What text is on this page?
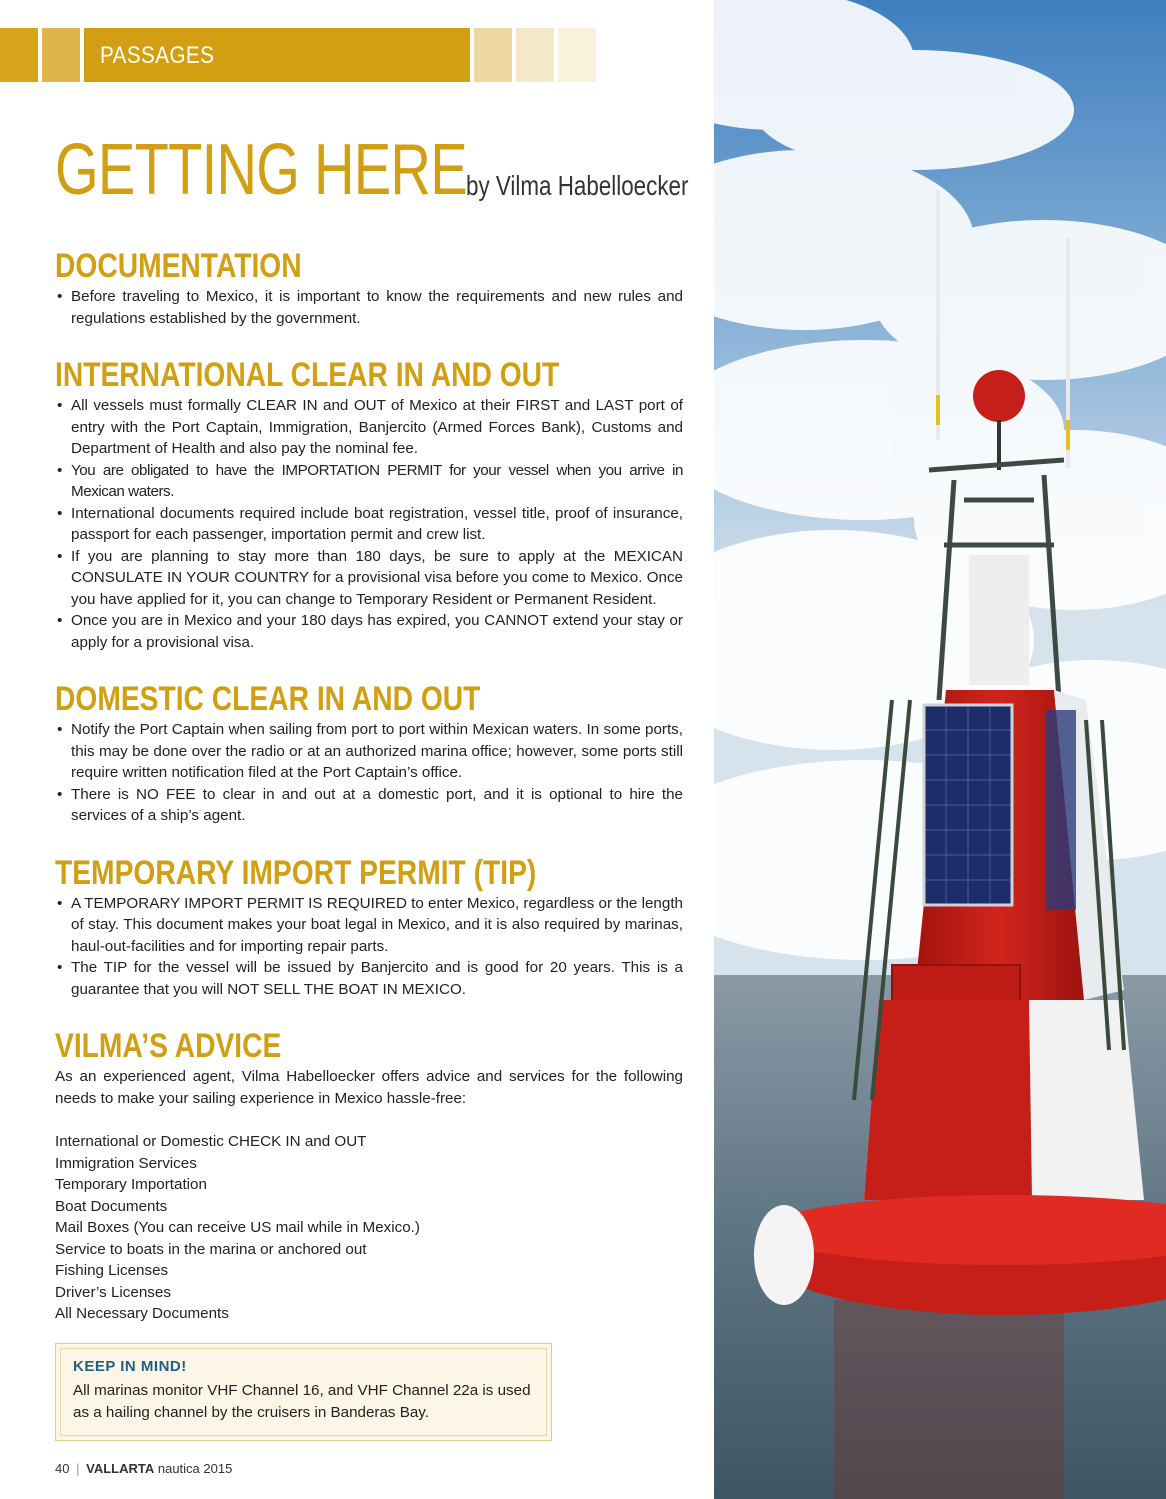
PASSAGES
GETTING HERE by Vilma Habelloecker
DOCUMENTATION
• Before traveling to Mexico, it is important to know the requirements and new rules and regulations established by the government.
INTERNATIONAL CLEAR IN AND OUT
• All vessels must formally CLEAR IN and OUT of Mexico at their FIRST and LAST port of entry with the Port Captain, Immigration, Banjercito (Armed Forces Bank), Customs and Department of Health and also pay the nominal fee.
• You are obligated to have the IMPORTATION PERMIT for your vessel when you arrive in Mexican waters.
• International documents required include boat registration, vessel title, proof of insurance, passport for each passenger, importation permit and crew list.
• If you are planning to stay more than 180 days, be sure to apply at the MEXICAN CONSULATE IN YOUR COUNTRY for a provisional visa before you come to Mexico. Once you have applied for it, you can change to Temporary Resident or Permanent Resident.
• Once you are in Mexico and your 180 days has expired, you CANNOT extend your stay or apply for a provisional visa.
DOMESTIC CLEAR IN AND OUT
• Notify the Port Captain when sailing from port to port within Mexican waters. In some ports, this may be done over the radio or at an authorized marina office; however, some ports still require written notification filed at the Port Captain’s office.
• There is NO FEE to clear in and out at a domestic port, and it is optional to hire the services of a ship’s agent.
TEMPORARY IMPORT PERMIT (TIP)
• A TEMPORARY IMPORT PERMIT IS REQUIRED to enter Mexico, regardless or the length of stay. This document makes your boat legal in Mexico, and it is also required by marinas, haul-out-facilities and for importing repair parts.
• The TIP for the vessel will be issued by Banjercito and is good for 20 years. This is a guarantee that you will NOT SELL THE BOAT IN MEXICO.
VILMA’S ADVICE

As an experienced agent, Vilma Habelloecker offers advice and services for the following needs to make your sailing experience in Mexico hassle-free:

International or Domestic CHECK IN and OUT
Immigration Services
Temporary Importation
Boat Documents
Mail Boxes (You can receive US mail while in Mexico.)
Service to boats in the marina or anchored out
Fishing Licenses
Driver’s Licenses
All Necessary Documents
KEEP IN MIND!
All marinas monitor VHF Channel 16, and VHF Channel 22a is used as a hailing channel by the cruisers in Banderas Bay.
40 | VALLARTA nautica 2015
